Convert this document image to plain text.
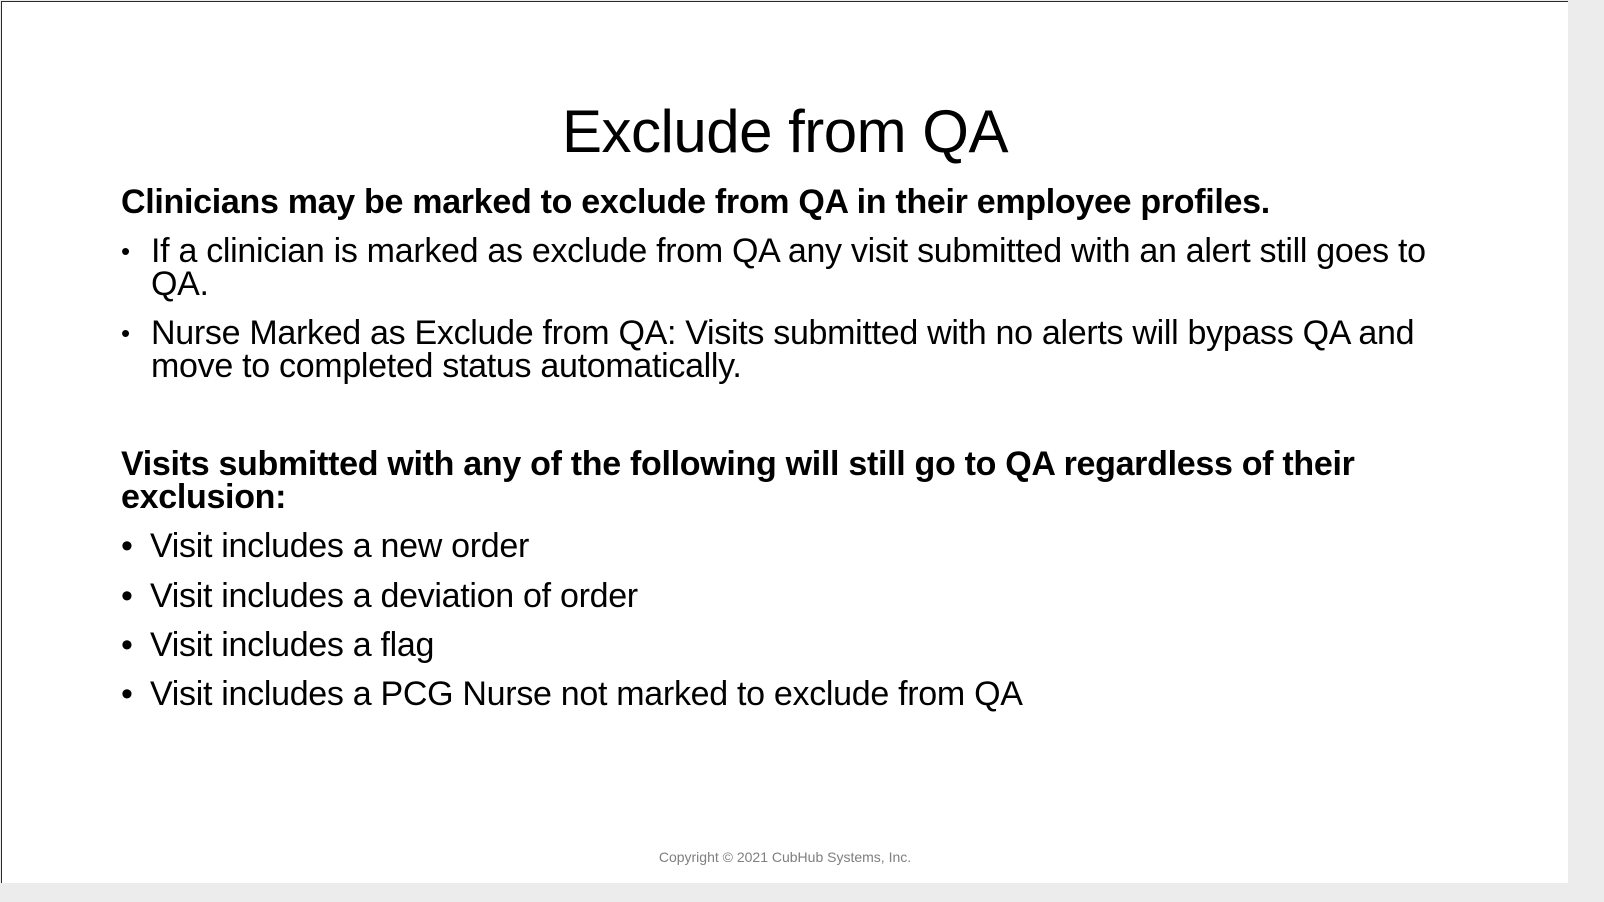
Exclude from QA
Clinicians may be marked to exclude from QA in their employee profiles.
• If a clinician is marked as exclude from QA any visit submitted with an alert still goes to QA.
• Nurse Marked as Exclude from QA: Visits submitted with no alerts will bypass QA and move to completed status automatically.
Visits submitted with any of the following will still go to QA regardless of their exclusion:
• Visit includes a new order
• Visit includes a deviation of order
• Visit includes a flag
• Visit includes a PCG Nurse not marked to exclude from QA
Copyright © 2021 CubHub Systems, Inc.
